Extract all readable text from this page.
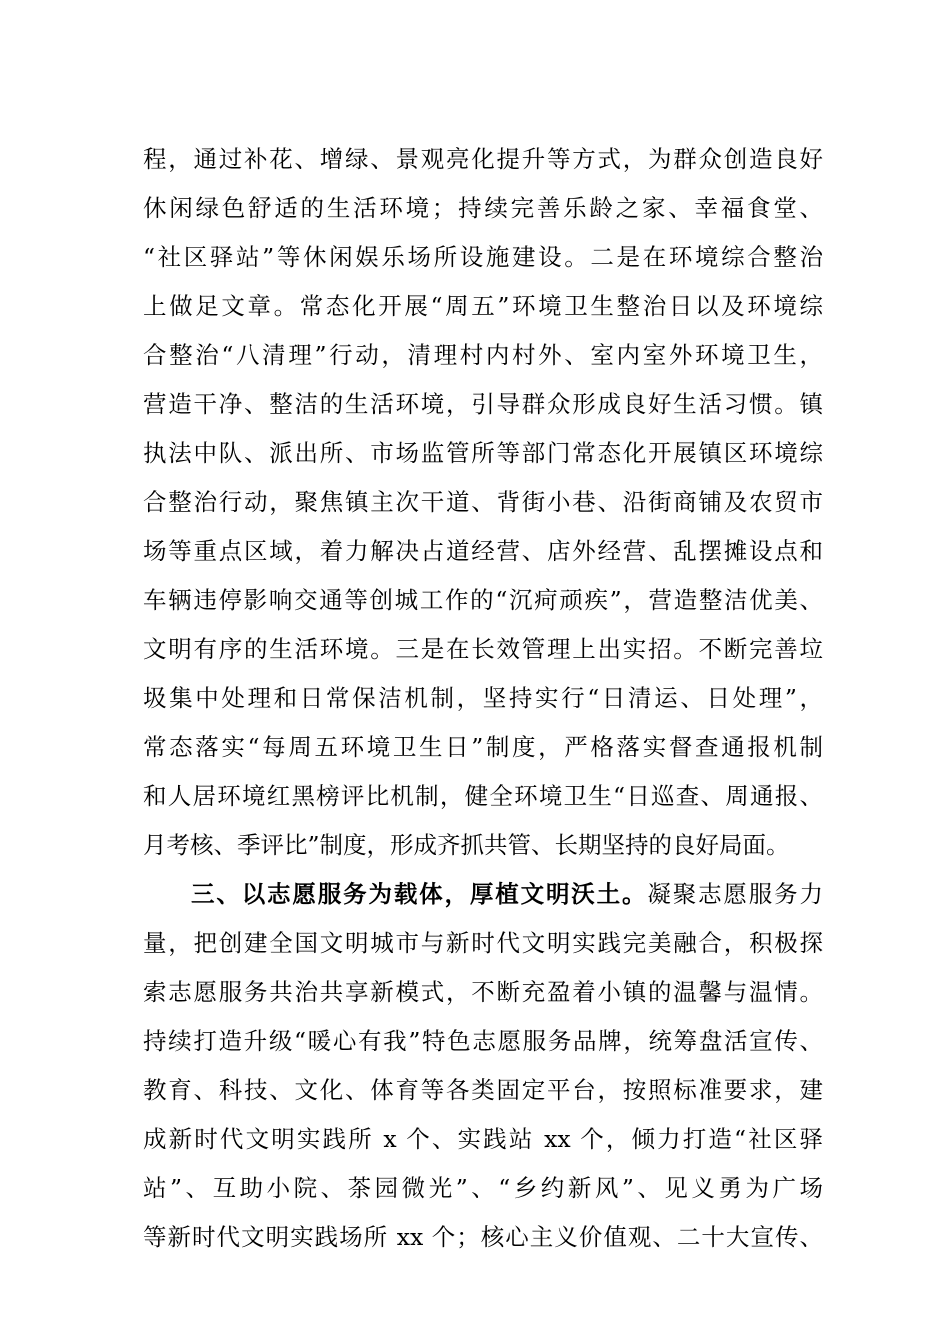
程，通过补花、增绿、景观亮化提升等方式，为群众创造良好
休闲绿色舒适的生活环境；持续完善乐龄之家、幸福食堂、
“社区驿站”等休闲娱乐场所设施建设。二是在环境综合整治
上做足文章。常态化开展“周五”环境卫生整治日以及环境综
合整治“八清理”行动，清理村内村外、室内室外环境卫生，
营造干净、整洁的生活环境，引导群众形成良好生活习惯。镇
执法中队、派出所、市场监管所等部门常态化开展镇区环境综
合整治行动，聚焦镇主次干道、背街小巷、沿街商铺及农贸市
场等重点区域，着力解决占道经营、店外经营、乱摆摊设点和
车辆违停影响交通等创城工作的“沉疴顽疾”，营造整洁优美、
文明有序的生活环境。三是在长效管理上出实招。不断完善垃
圾集中处理和日常保洁机制，坚持实行“日清运、日处理”，
常态落实“每周五环境卫生日”制度，严格落实督查通报机制
和人居环境红黑榜评比机制，健全环境卫生“日巡查、周通报、
月考核、季评比”制度，形成齐抓共管、长期坚持的良好局面。
三、以志愿服务为载体，厚植文明沃土。凝聚志愿服务力
量，把创建全国文明城市与新时代文明实践完美融合，积极探
索志愿服务共治共享新模式，不断充盈着小镇的温馨与温情。
持续打造升级“暖心有我”特色志愿服务品牌，统筹盘活宣传、
教育、科技、文化、体育等各类固定平台，按照标准要求，建
成新时代文明实践所 x 个、实践站 xx 个，倾力打造“社区驿
站”、互助小院、茶园微光”、“乡约新风”、见义勇为广场
等新时代文明实践场所 xx 个；核心主义价值观、二十大宣传、
